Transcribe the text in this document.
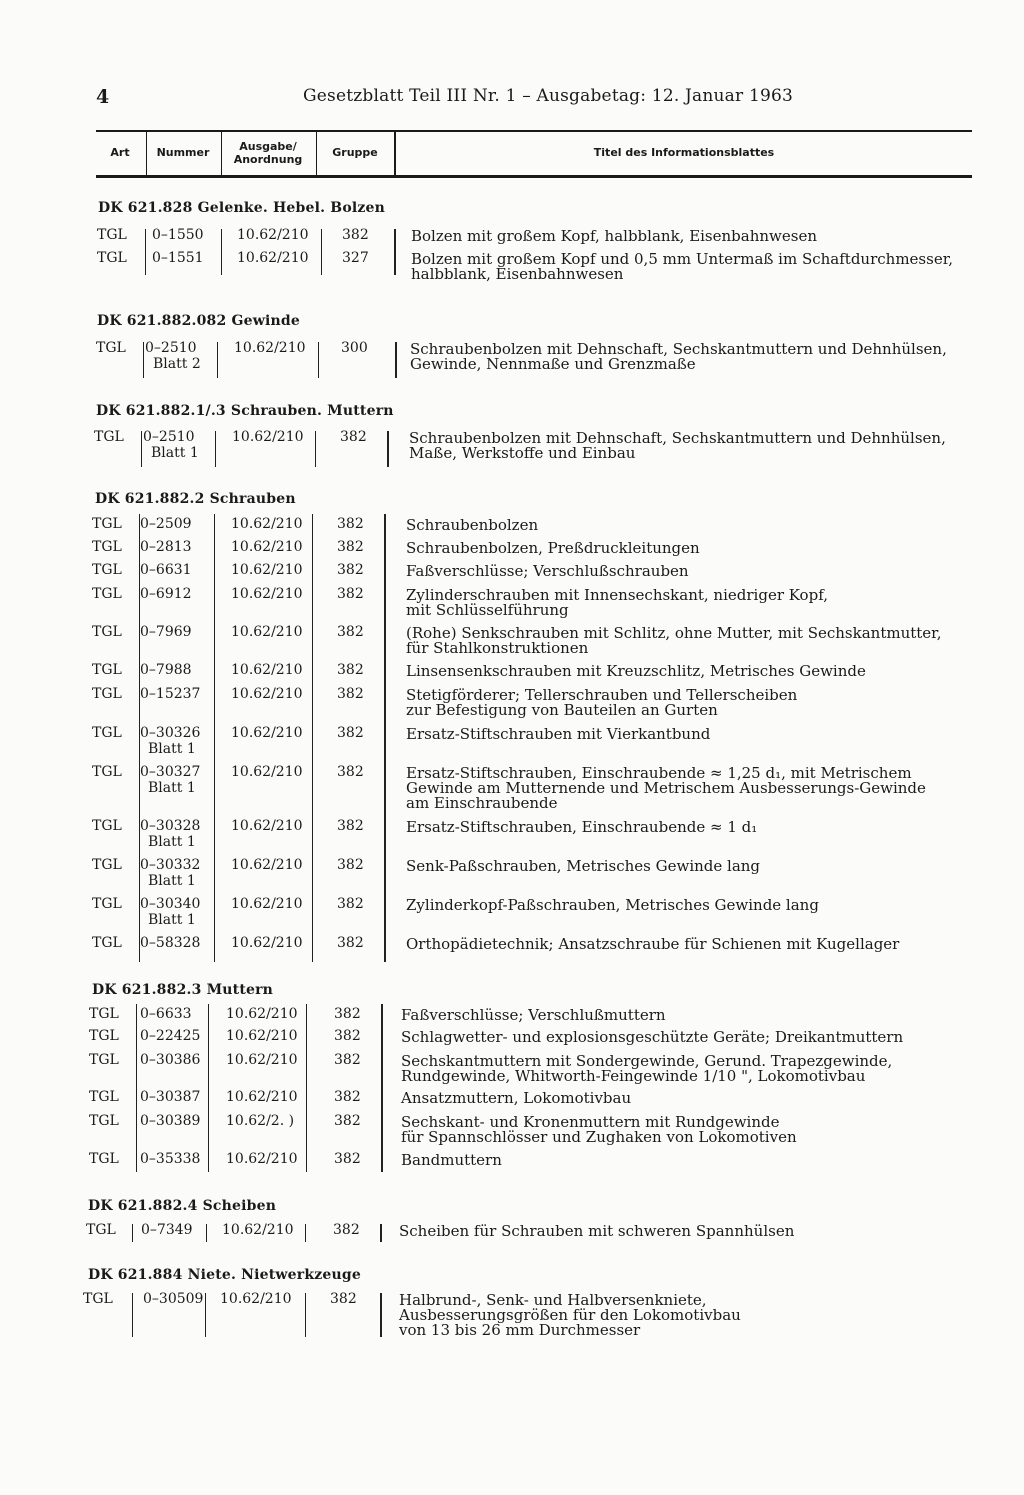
4	Gesetzblatt Teil III Nr. 1 – Ausgabetag: 12. Januar 1963
Art	Nummer	Ausgabe/
Anordnung	Gruppe	Titel des Informationsblattes
DK 621.828 Gelenke. Hebel. Bolzen
TGL 0–1550 10.62/210 382	Bolzen mit großem Kopf, halbblank, Eisenbahnwesen
TGL 0–1551 10.62/210 327	Bolzen mit großem Kopf und 0,5 mm Untermaß im Schaftdurchmesser,
halbblank, Eisenbahnwesen
DK 621.882.082 Gewinde
TGL 0–2510
Blatt 2
10.62/210	300	Schraubenbolzen mit Dehnschaft, Sechskantmuttern und Dehnhülsen,
Gewinde, Nennmaße und Grenzmaße
DK 621.882.1/.3 Schrauben. Muttern
TGL 0–2510
Blatt 1
10.62/210	382	Schraubenbolzen mit Dehnschaft, Sechskantmuttern und Dehnhülsen,
Maße, Werkstoffe und Einbau
DK 621.882.2 Schrauben
TGL 0–2509	10.62/210 382	Schraubenbolzen
TGL 0–2813	10.62/210 382	Schraubenbolzen, Preßdruckleitungen
TGL 0–6631	10.62/210 382	Faßverschlüsse; Verschlußschrauben
TGL 0–6912	10.62/210 382	Zylinderschrauben mit Innensechskant, niedriger Kopf,
mit Schlüsselführung
TGL 0–7969	10.62/210 382	(Rohe) Senkschrauben mit Schlitz, ohne Mutter, mit Sechskantmutter,
für Stahlkonstruktionen
TGL 0–7988	10.62/210 382	Linsensenkschrauben mit Kreuzschlitz, Metrisches Gewinde
TGL 0–15237 10.62/210 382	Stetigförderer; Tellerschrauben und Tellerscheiben
zur Befestigung von Bauteilen an Gurten
TGL 0–30326
Blatt 1
10.62/210 382	Ersatz-Stiftschrauben mit Vierkantbund
TGL 0–30327
Blatt 1
10.62/210 382	Ersatz-Stiftschrauben, Einschraubende ≈ 1,25 d₁, mit Metrischem
Gewinde am Mutternende und Metrischem Ausbesserungs-Gewinde
am Einschraubende
TGL 0–30328
Blatt 1
10.62/210 382	Ersatz-Stiftschrauben, Einschraubende ≈ 1 d₁
TGL 0–30332
Blatt 1
10.62/210 382	Senk-Paßschrauben, Metrisches Gewinde lang
TGL 0–30340
Blatt 1
10.62/210 382	Zylinderkopf-Paßschrauben, Metrisches Gewinde lang
TGL 0–58328 10.62/210 382	Orthopädietechnik; Ansatzschraube für Schienen mit Kugellager
DK 621.882.3 Muttern
TGL 0–6633 10.62/210	382	Faßverschlüsse; Verschlußmuttern
TGL 0–22425 10.62/210	382	Schlagwetter- und explosionsgeschützte Geräte; Dreikantmuttern
TGL 0–30386 10.62/210	382	Sechskantmuttern mit Sondergewinde, Gerund. Trapezgewinde,
Rundgewinde, Whitworth-Feingewinde 1/10 ", Lokomotivbau
TGL 0–30387 10.62/210	382	Ansatzmuttern, Lokomotivbau
TGL 0–30389 10.62/2. )	382	Sechskant- und Kronenmuttern mit Rundgewinde
für Spannschlösser und Zughaken von Lokomotiven
TGL 0–35338 10.62/210	382	Bandmuttern
DK 621.882.4 Scheiben
TGL 0–7349 10.62/210	382	Scheiben für Schrauben mit schweren Spannhülsen
DK 621.884 Niete. Nietwerkzeuge
TGL 0–30509 10.62/210	382	Halbrund-, Senk- und Halbversenkniete,
Ausbesserungsgrößen für den Lokomotivbau
von 13 bis 26 mm Durchmesser
